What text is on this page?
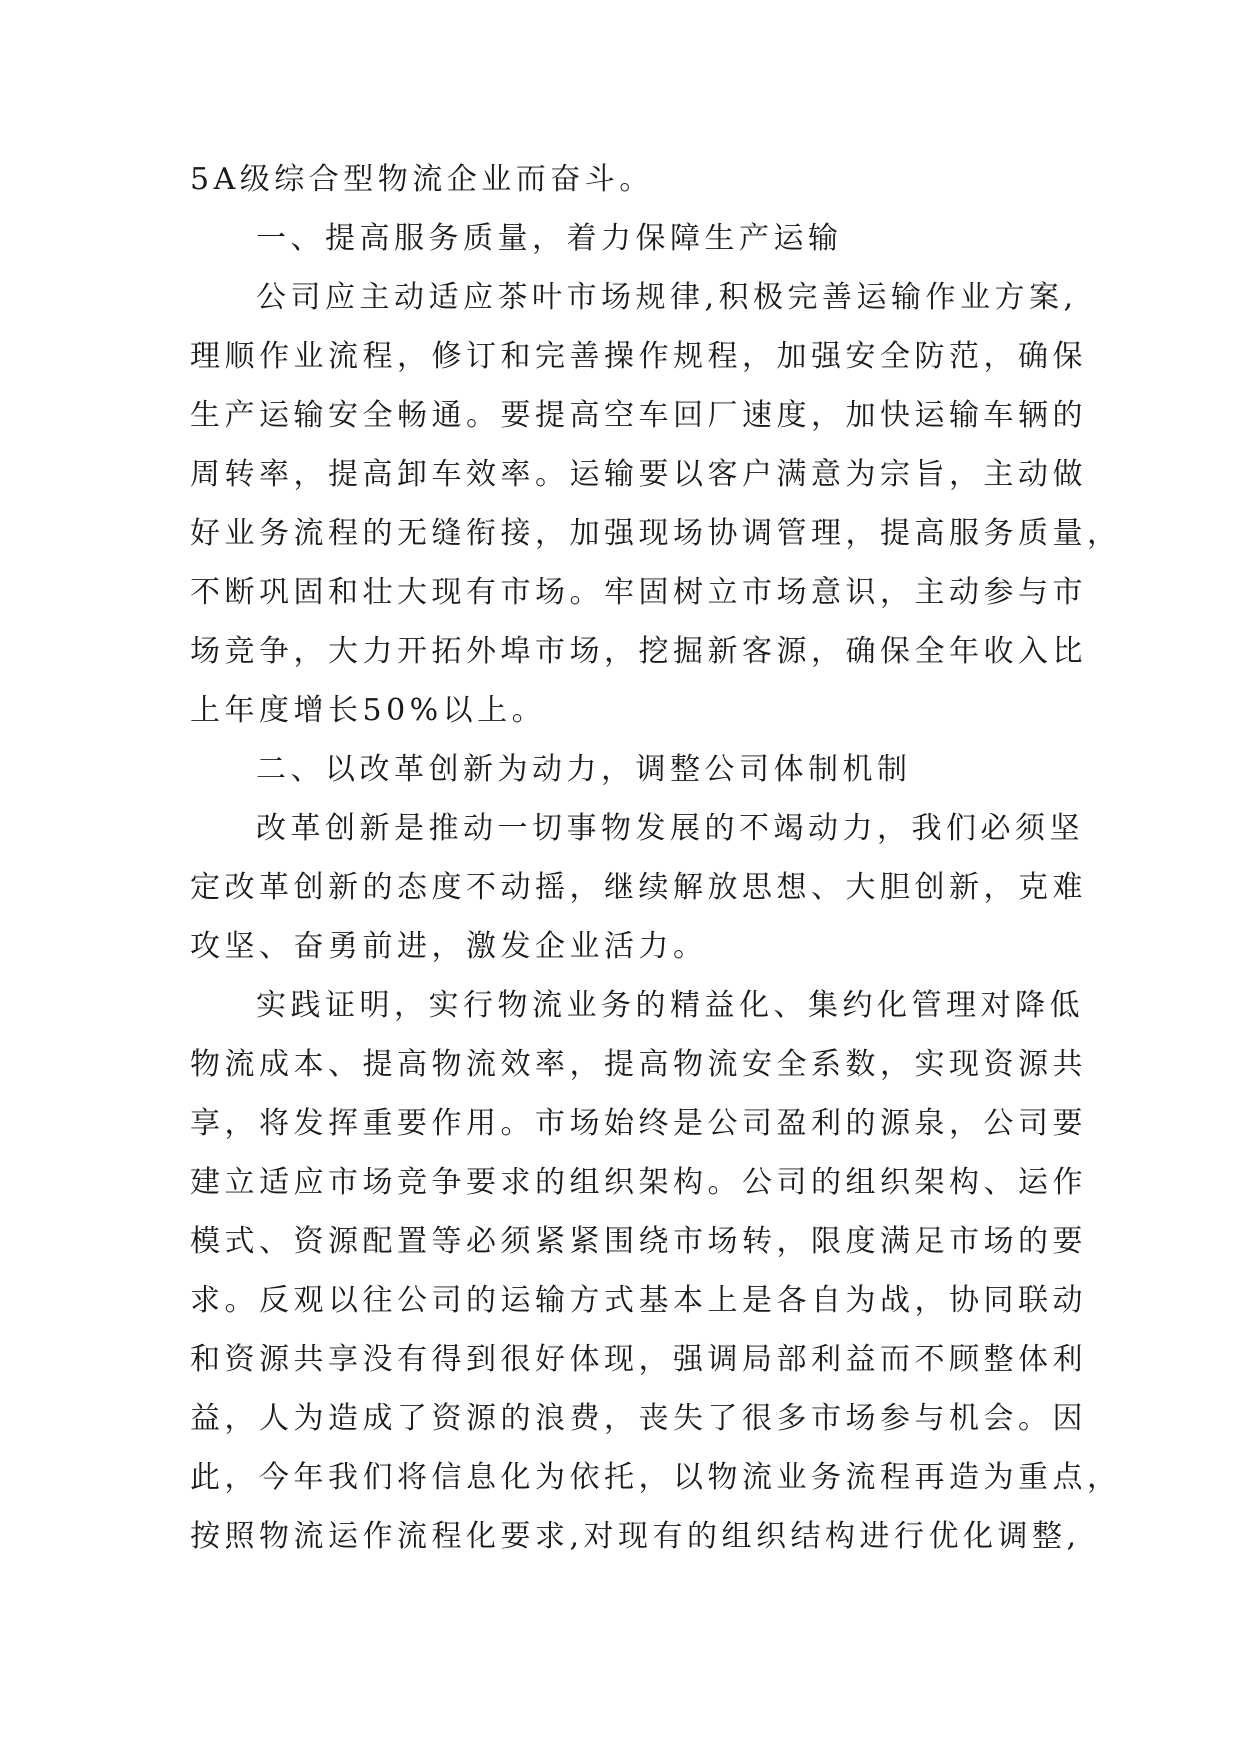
5A级综合型物流企业而奋斗。
一、提高服务质量，着力保障生产运输
公司应主动适应茶叶市场规律,积极完善运输作业方案,
理顺作业流程，修订和完善操作规程，加强安全防范，确保
生产运输安全畅通。要提高空车回厂速度，加快运输车辆的
周转率，提高卸车效率。运输要以客户满意为宗旨，主动做
好业务流程的无缝衔接，加强现场协调管理，提高服务质量，
不断巩固和壮大现有市场。牢固树立市场意识，主动参与市
场竞争，大力开拓外埠市场，挖掘新客源，确保全年收入比
上年度增长50%以上。
二、以改革创新为动力，调整公司体制机制
改革创新是推动一切事物发展的不竭动力，我们必须坚
定改革创新的态度不动摇，继续解放思想、大胆创新，克难
攻坚、奋勇前进，激发企业活力。
实践证明，实行物流业务的精益化、集约化管理对降低
物流成本、提高物流效率，提高物流安全系数，实现资源共
享，将发挥重要作用。市场始终是公司盈利的源泉，公司要
建立适应市场竞争要求的组织架构。公司的组织架构、运作
模式、资源配置等必须紧紧围绕市场转，限度满足市场的要
求。反观以往公司的运输方式基本上是各自为战，协同联动
和资源共享没有得到很好体现，强调局部利益而不顾整体利
益，人为造成了资源的浪费，丧失了很多市场参与机会。因
此，今年我们将信息化为依托，以物流业务流程再造为重点，
按照物流运作流程化要求,对现有的组织结构进行优化调整,
